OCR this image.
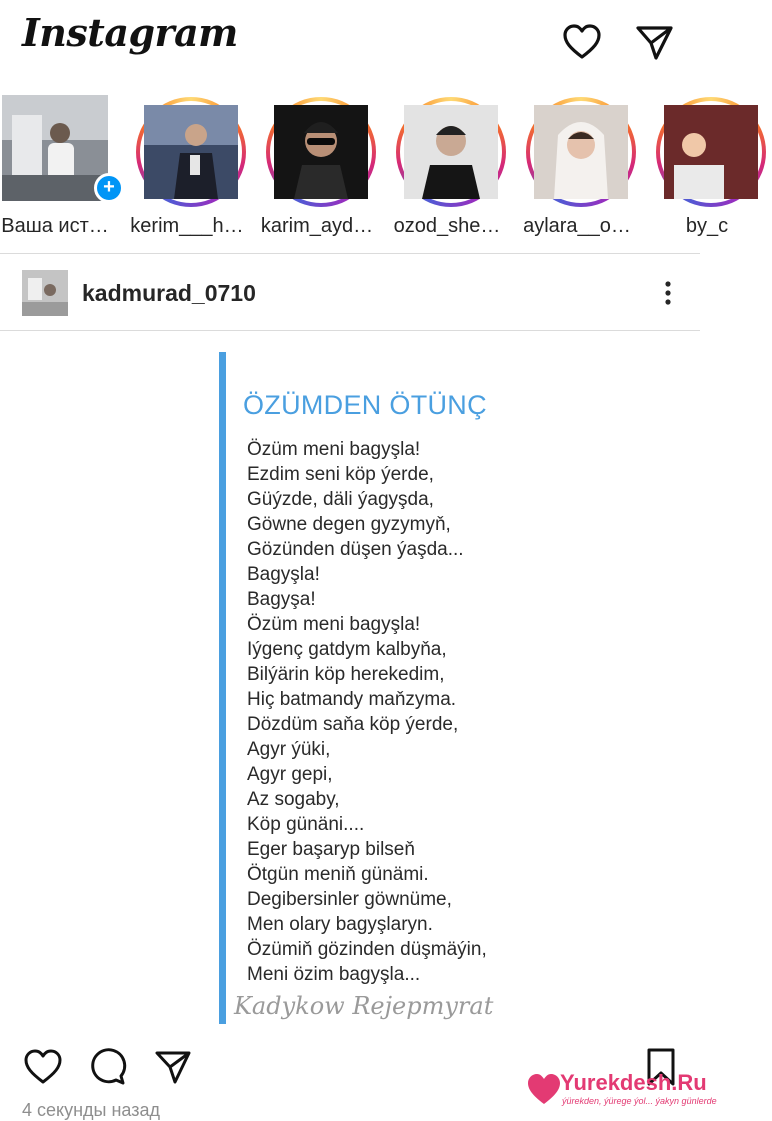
Instagram
+
Ваша ист…	kerim___h… karim_ayd…	ozod_she…	aylara__o…	by_c
kadmurad_0710
ÖZÜMDEN ÖTÜNÇ
Özüm meni bagyşla!
Ezdim seni köp ýerde,
Güýzde, däli ýagyşda,
Göwne degen gyzymyň,
Gözünden düşen ýaşda...
Bagyşla!
Bagyşa!
Özüm meni bagyşla!
Iýgenç gatdym kalbyňa,
Bilýärin köp herekedim,
Hiç batmandy maňzyma.
Dözdüm saňa köp ýerde,
Agyr ýüki,
Agyr gepi,
Az sogaby,
Köp günäni....
Eger başaryp bilseň
Ötgün meniň günämi.
Degibersinler göwnüme,
Men olary bagyşlaryn.
Özümiň gözinden düşmäýin,
Meni özim bagyşla...
Kadykow Rejepmyrat
4 секунды назад
Yurekdesh.Ru
ýürekden, ýürege ýol... ýakyn günlerde
